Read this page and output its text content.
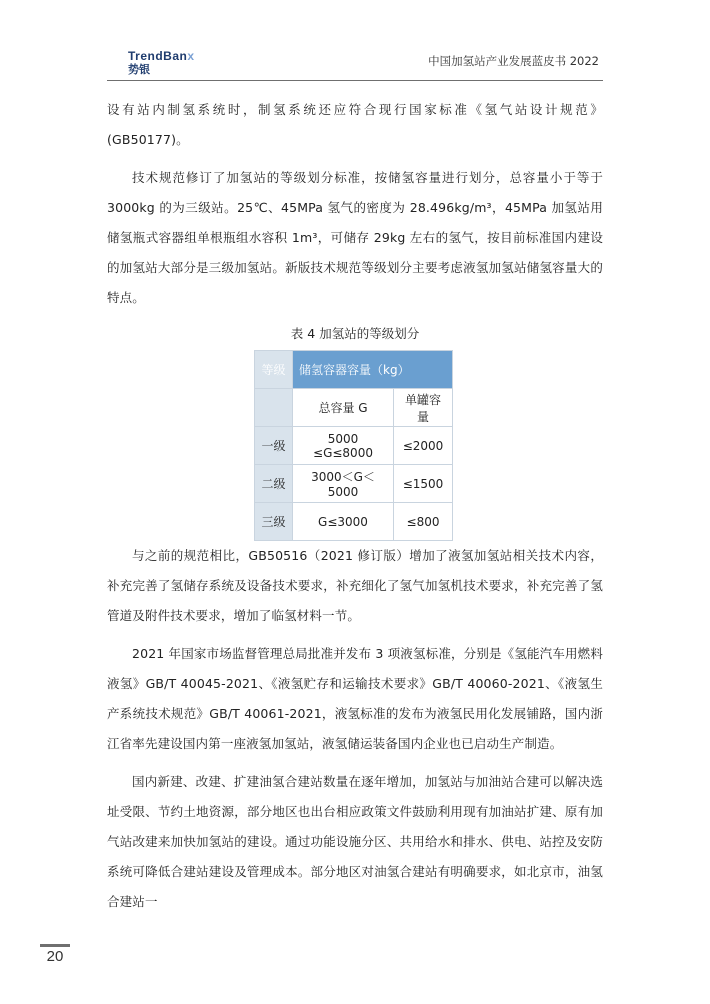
TrendBanx
势银
中国加氢站产业发展蓝皮书 2022

设有站内制氢系统时，制氢系统还应符合现行国家标准《氢气站设计规范》(GB50177)。

技术规范修订了加氢站的等级划分标准，按储氢容量进行划分，总容量小于等于 3000kg 的为三级站。25℃、45MPa 氢气的密度为 28.496kg/m³，45MPa 加氢站用储氢瓶式容器组单根瓶组水容积 1m³，可储存 29kg 左右的氢气，按目前标准国内建设的加氢站大部分是三级加氢站。新版技术规范等级划分主要考虑液氢加氢站储氢容量大的特点。

表 4 加氢站的等级划分
等级	储氢容器容量（kg）	
	总容量 G	单罐容量
一级	5000 ≤G≤8000	≤2000
二级	3000＜G＜5000	≤1500
三级	G≤3000	≤800

与之前的规范相比，GB50516（2021 修订版）增加了液氢加氢站相关技术内容，补充完善了氢储存系统及设备技术要求，补充细化了氢气加氢机技术要求，补充完善了氢管道及附件技术要求，增加了临氢材料一节。

2021 年国家市场监督管理总局批准并发布 3 项液氢标准，分别是《氢能汽车用燃料 液氢》GB/T 40045-2021、《液氢贮存和运输技术要求》GB/T 40060-2021、《液氢生产系统技术规范》GB/T 40061-2021，液氢标准的发布为液氢民用化发展铺路，国内浙江省率先建设国内第一座液氢加氢站，液氢储运装备国内企业也已启动生产制造。

国内新建、改建、扩建油氢合建站数量在逐年增加，加氢站与加油站合建可以解决选址受限、节约土地资源，部分地区也出台相应政策文件鼓励利用现有加油站扩建、原有加气站改建来加快加氢站的建设。通过功能设施分区、共用给水和排水、供电、站控及安防系统可降低合建站建设及管理成本。部分地区对油氢合建站有明确要求，如北京市，油氢合建站一

20
